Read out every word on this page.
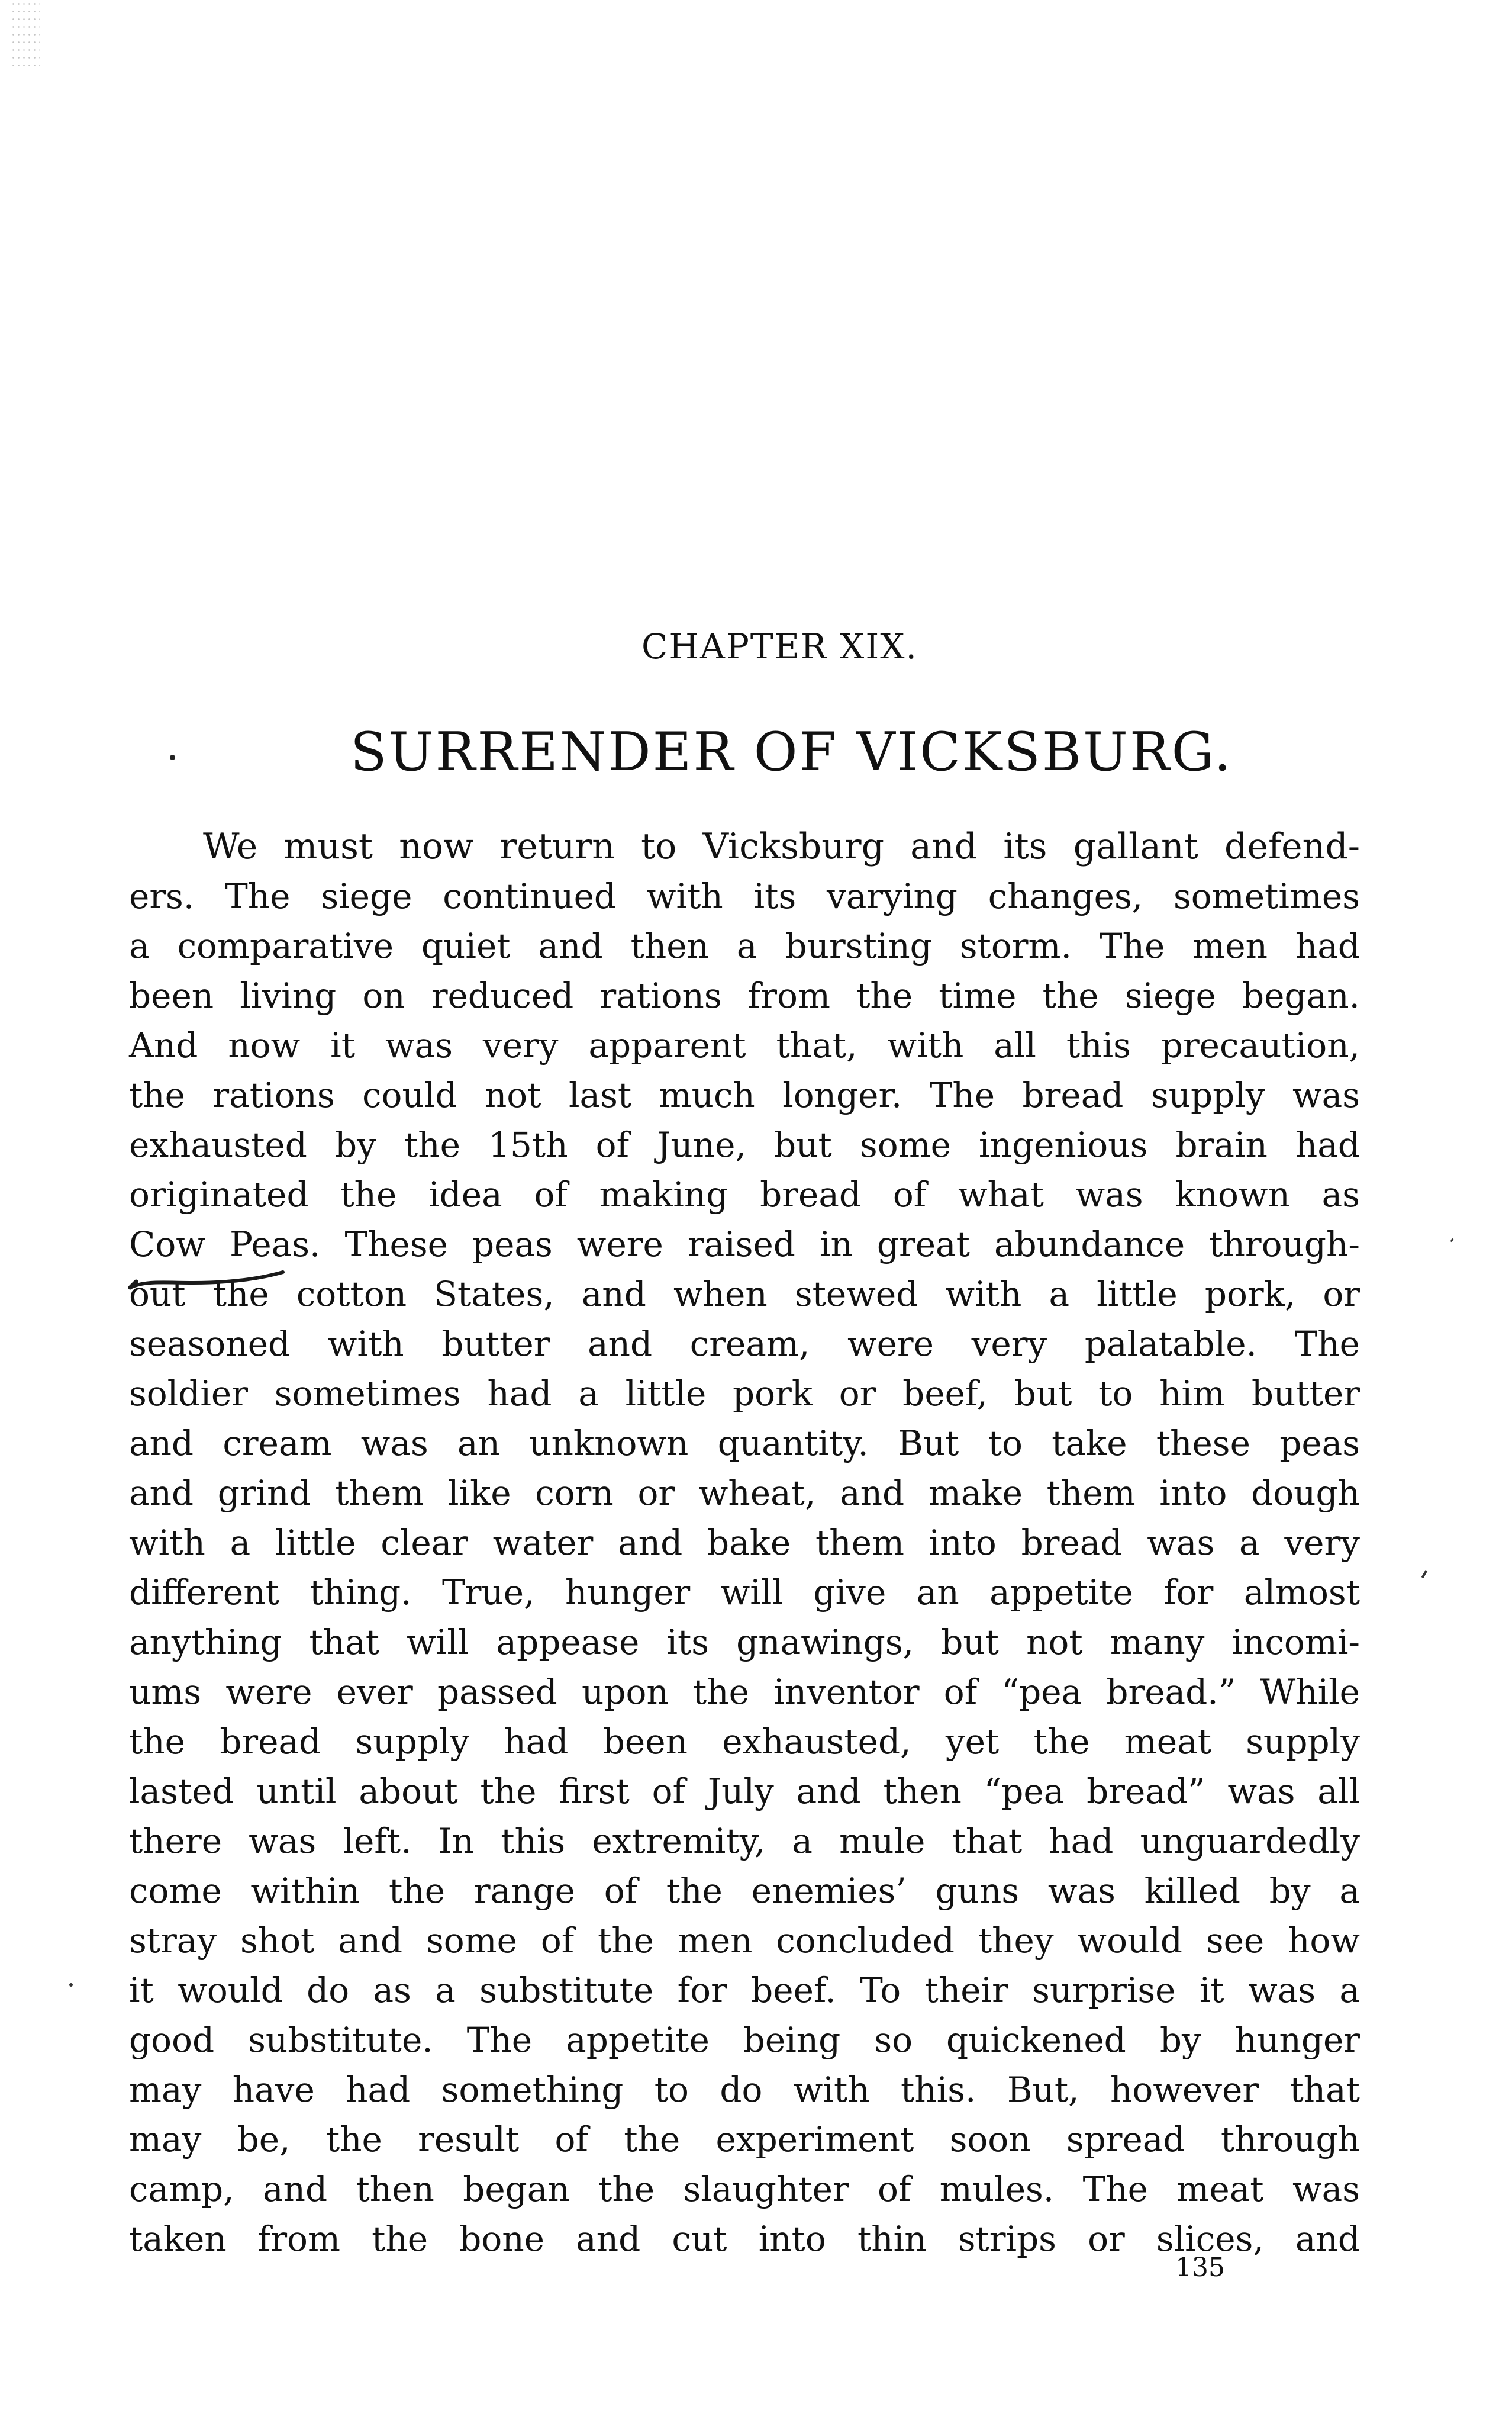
CHAPTER XIX.
SURRENDER OF VICKSBURG.
We must now return to Vicksburg and its gallant defend-
ers. The siege continued with its varying changes, sometimes
a comparative quiet and then a bursting storm. The men had
been living on reduced rations from the time the siege began.
And now it was very apparent that, with all this precaution,
the rations could not last much longer. The bread supply was
exhausted by the 15th of June, but some ingenious brain had
originated the idea of making bread of what was known as
Cow Peas. These peas were raised in great abundance through-
out the cotton States, and when stewed with a little pork, or
seasoned with butter and cream, were very palatable. The
soldier sometimes had a little pork or beef, but to him butter
and cream was an unknown quantity. But to take these peas
and grind them like corn or wheat, and make them into dough
with a little clear water and bake them into bread was a very
different thing. True, hunger will give an appetite for almost
anything that will appease its gnawings, but not many incomi-
ums were ever passed upon the inventor of “pea bread.” While
the bread supply had been exhausted, yet the meat supply
lasted until about the first of July and then “pea bread” was all
there was left. In this extremity, a mule that had unguardedly
come within the range of the enemies’ guns was killed by a
stray shot and some of the men concluded they would see how
it would do as a substitute for beef. To their surprise it was a
good substitute. The appetite being so quickened by hunger
may have had something to do with this. But, however that
may be, the result of the experiment soon spread through
camp, and then began the slaughter of mules. The meat was
taken from the bone and cut into thin strips or slices, and
135
